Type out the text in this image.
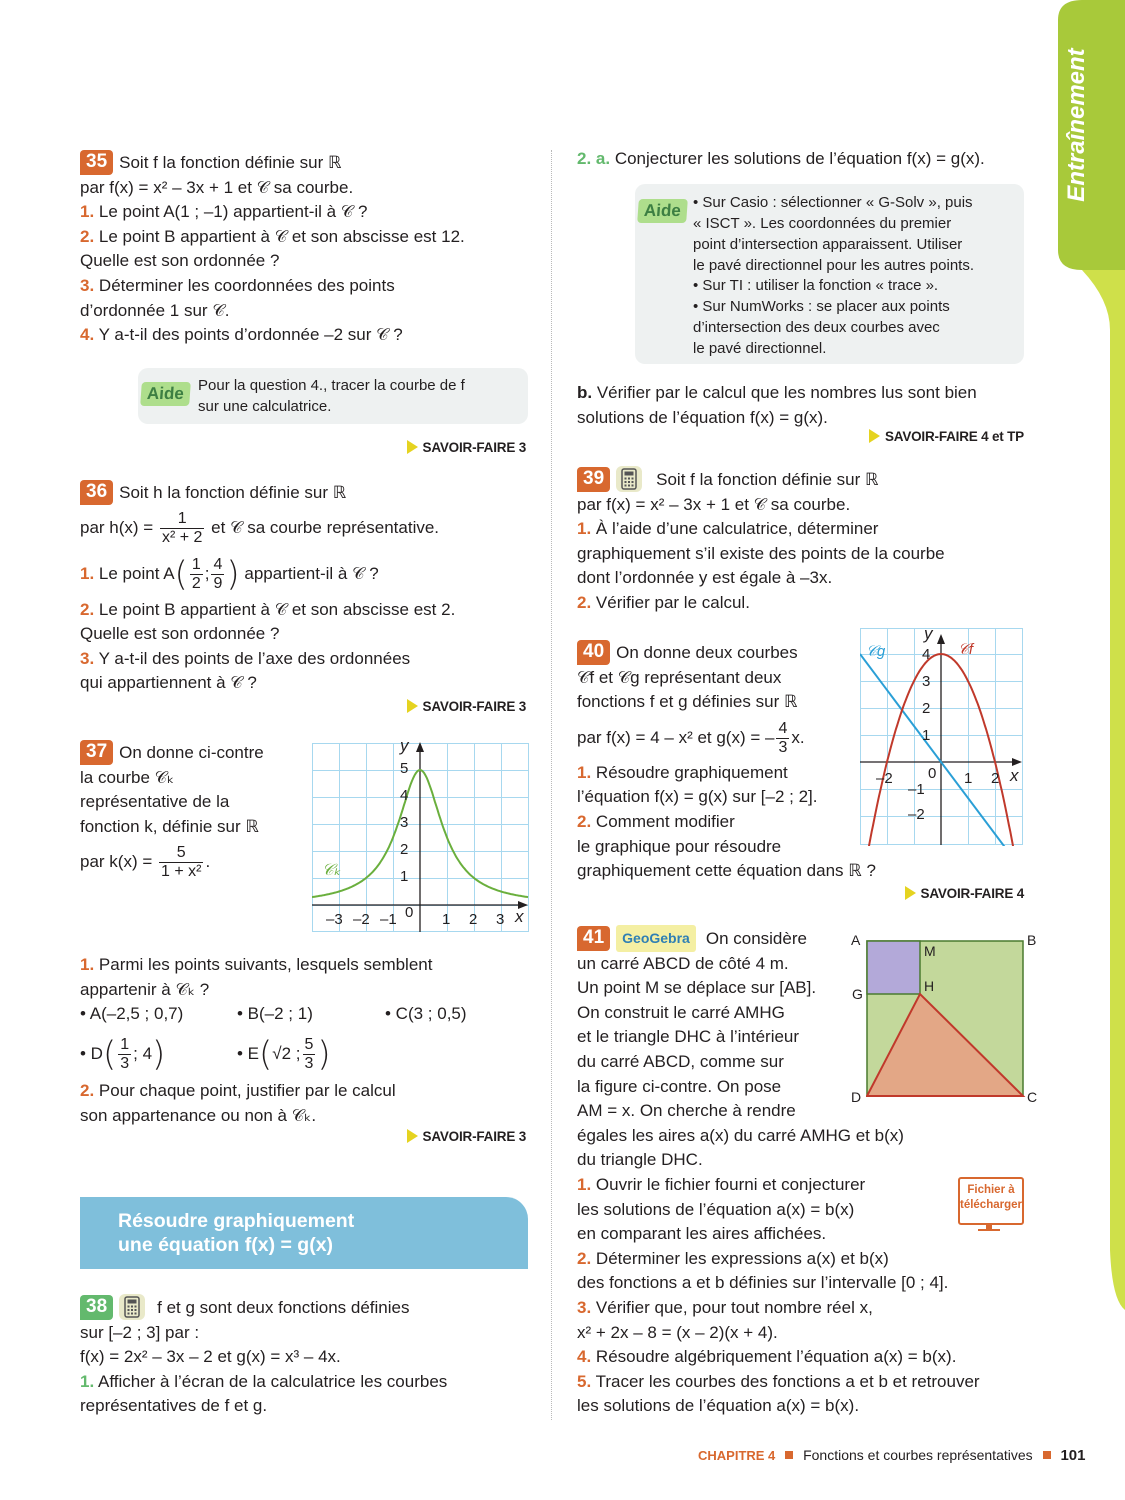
Entraînement
35 Soit f la fonction définie sur ℝ
par f(x) = x² – 3x + 1 et 𝒞 sa courbe.
1. Le point A(1 ; –1) appartient-il à 𝒞 ?
2. Le point B appartient à 𝒞 et son abscisse est 12.
Quelle est son ordonnée ?
3. Déterminer les coordonnées des points
d’ordonnée 1 sur 𝒞.
4. Y a-t-il des points d’ordonnée –2 sur 𝒞 ?
Aide Pour la question 4., tracer la courbe de f
sur une calculatrice.
SAVOIR-FAIRE 3
36 Soit h la fonction définie sur ℝ
par $h(x) = \frac{1}{\text{x² + 2}}$ et 𝒞 sa courbe représentative.
1. Le point $A( \frac{1}{2}$ ; $\frac{4}{9}$ ) appartient-il à 𝒞 ?
2. Le point B appartient à 𝒞 et son abscisse est 2.
Quelle est son ordonnée ?
3. Y a-t-il des points de l’axe des ordonnées
qui appartiennent à 𝒞 ?
SAVOIR-FAIRE 3
37 On donne ci-contre
la courbe 𝒞ₖ
représentative de la
fonction k, définie sur ℝ
par $k(x) = \frac{5}{\text{1 + x²}}$ .
y
x
𝒞ₖ
5
4
3
2
1
–3 –2 –1 0 1 2 3
1. Parmi les points suivants, lesquels semblent
appartenir à 𝒞ₖ ?
• A(–2,5 ; 0,7)	• B(–2 ; 1)	• C(3 ; 0,5)
• $D( \frac{1}{3}$ ; 4)	• E(√2 ; $\frac{5}{3}$ )
2. Pour chaque point, justifier par le calcul
son appartenance ou non à 𝒞ₖ.
SAVOIR-FAIRE 3
Résoudre graphiquement
une équation f(x) = g(x)
38	f et g sont deux fonctions définies
sur [–2 ; 3] par :
f(x) = 2x² – 3x – 2 et g(x) = x³ – 4x.
1. Afficher à l’écran de la calculatrice les courbes
représentatives de f et g.
2. a. Conjecturer les solutions de l’équation f(x) = g(x).
Aide • Sur Casio : sélectionner « G-Solv », puis
« ISCT ». Les coordonnées du premier
point d’intersection apparaissent. Utiliser
le pavé directionnel pour les autres points.
• Sur TI : utiliser la fonction « trace ».
• Sur NumWorks : se placer aux points
d’intersection des deux courbes avec
le pavé directionnel.
b. Vérifier par le calcul que les nombres lus sont bien
solutions de l’équation f(x) = g(x).
SAVOIR-FAIRE 4 et TP
39	Soit f la fonction définie sur ℝ
par f(x) = x² – 3x + 1 et 𝒞 sa courbe.
1. À l’aide d’une calculatrice, déterminer
graphiquement s’il existe des points de la courbe
dont l’ordonnée y est égale à –3x.
2. Vérifier par le calcul.
40 On donne deux courbes
𝒞f et 𝒞g représentant deux
fonctions f et g définies sur ℝ
par f(x) = 4 – x² et g(x) = – $\frac{4}{3} x$.
1. Résoudre graphiquement
l’équation f(x) = g(x) sur [–2 ; 2].
2. Comment modifier
le graphique pour résoudre
graphiquement cette équation dans ℝ ?
y
x
𝒞g	𝒞f
4
3
2
1
–1
–2
–2 0 1 2
SAVOIR-FAIRE 4
41 GeoGebra On considère
un carré ABCD de côté 4 m.
Un point M se déplace sur [AB].
On construit le carré AMHG
et le triangle DHC à l’intérieur
du carré ABCD, comme sur
la figure ci-contre. On pose
AM = x. On cherche à rendre
égales les aires a(x) du carré AMHG et b(x)
du triangle DHC.
1. Ouvrir le fichier fourni et conjecturer
les solutions de l’équation a(x) = b(x)
en comparant les aires affichées.
2. Déterminer les expressions a(x) et b(x)
des fonctions a et b définies sur l’intervalle [0 ; 4].
3. Vérifier que, pour tout nombre réel x,
x² + 2x – 8 = (x – 2)(x + 4).
4. Résoudre algébriquement l’équation a(x) = b(x).
5. Tracer les courbes des fonctions a et b et retrouver
les solutions de l’équation a(x) = b(x).
A	B
C
D
M
H
G
Fichier à
télécharger
CHAPITRE 4 Fonctions et courbes représentatives 101
